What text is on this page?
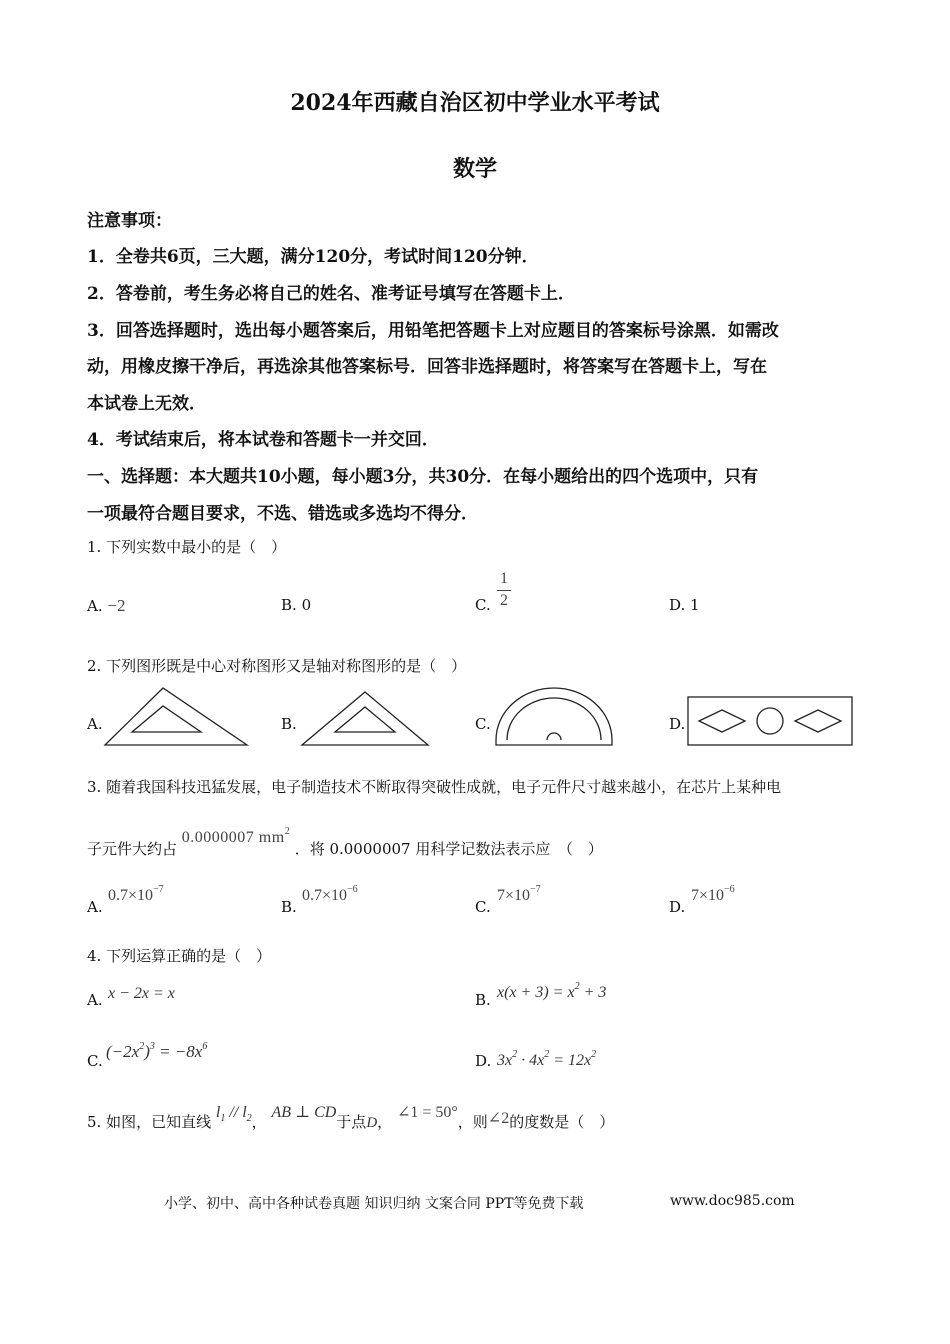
2024年西藏自治区初中学业水平考试
数学
注意事项：
1．全卷共6页，三大题，满分120分，考试时间120分钟．
2．答卷前，考生务必将自己的姓名、准考证号填写在答题卡上．
3．回答选择题时，选出每小题答案后，用铅笔把答题卡上对应题目的答案标号涂黑．如需改
动，用橡皮擦干净后，再选涂其他答案标号．回答非选择题时，将答案写在答题卡上，写在
本试卷上无效．
4．考试结束后，将本试卷和答题卡一并交回．
一、选择题：本大题共10小题，每小题3分，共30分．在每小题给出的四个选项中，只有
一项最符合题目要求，不选、错选或多选均不得分．
1. 下列实数中最小的是（　）
A. −2	B. 0	C.
1
2	D. 1
2. 下列图形既是中心对称图形又是轴对称图形的是（　）
A.	B.	C.	D.
3. 随着我国科技迅猛发展，电子制造技术不断取得突破性成就，电子元件尺寸越来越小，在芯片上某种电
子元件大约占 0.0000007 $mm^2$ ．将 0.0000007 用科学记数法表示应　（　）
A.
$0.7\times 10^{-7}$
B.
$0.7\times 10^{-6}$
C.
$7\times 10^{-7}$
D.
$7\times 10^{-6}$
4. 下列运算正确的是（　）
A. x − 2x = x	B. $x(x + 3) = x^2 + 3$
C. $(-2x^2)^3 = -8x^6$
D. $3x^2 \cdot 4x^2 = 12x^2$
5. 如图，已知直线 $l_1 // l_2$， AB ⊥ CD于点D， ∠1 = 50°，则∠2的度数是（　）
小学、初中、高中各种试卷真题 知识归纳 文案合同 PPT等免费下载	www.doc985.com
